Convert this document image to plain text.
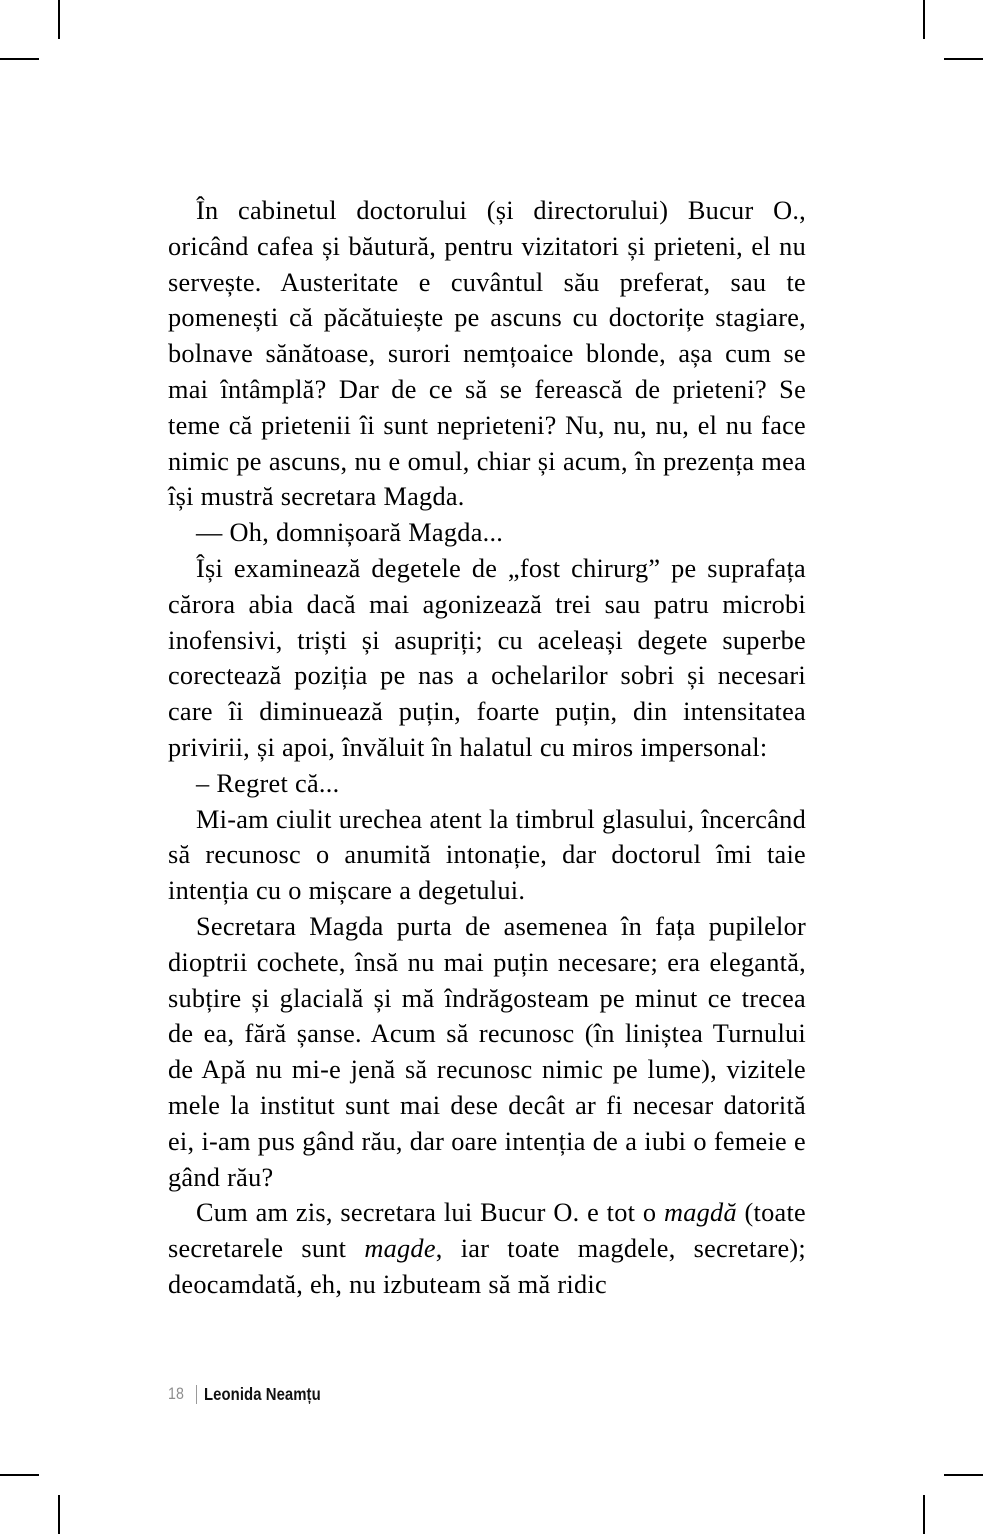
În cabinetul doctorului (și directorului) Bucur O., oricând cafea și băutură, pentru vizitatori și prieteni, el nu servește. Austeritate e cuvântul său preferat, sau te pomenești că păcătuiește pe ascuns cu doctorițe stagiare, bolnave sănătoase, surori nemțoaice blonde, așa cum se mai întâmplă? Dar de ce să se ferească de prieteni? Se teme că prietenii îi sunt neprieteni? Nu, nu, nu, el nu face nimic pe ascuns, nu e omul, chiar și acum, în prezența mea își mustră secretara Magda.

— Oh, domnișoară Magda...

Își examinează degetele de „fost chirurg” pe suprafața cărora abia dacă mai agonizează trei sau patru microbi inofensivi, triști și asupriți; cu aceleași degete superbe corectează poziția pe nas a ochelarilor sobri și necesari care îi diminuează puțin, foarte puțin, din intensitatea privirii, și apoi, învăluit în halatul cu miros impersonal:

– Regret că...

Mi-am ciulit urechea atent la timbrul glasului, încercând să recunosc o anumită intonație, dar doctorul îmi taie intenția cu o mișcare a degetului.

Secretara Magda purta de asemenea în fața pupilelor dioptrii cochete, însă nu mai puțin necesare; era elegantă, subțire și glacială și mă îndrăgosteam pe minut ce trecea de ea, fără șanse. Acum să recunosc (în liniștea Turnului de Apă nu mi-e jenă să recunosc nimic pe lume), vizitele mele la institut sunt mai dese decât ar fi necesar datorită ei, i-am pus gând rău, dar oare intenția de a iubi o femeie e gând rău?

Cum am zis, secretara lui Bucur O. e tot o magdă (toate secretarele sunt magde, iar toate magdele, secretare); deocamdată, eh, nu izbuteam să mă ridic

18 Leonida Neamțu
